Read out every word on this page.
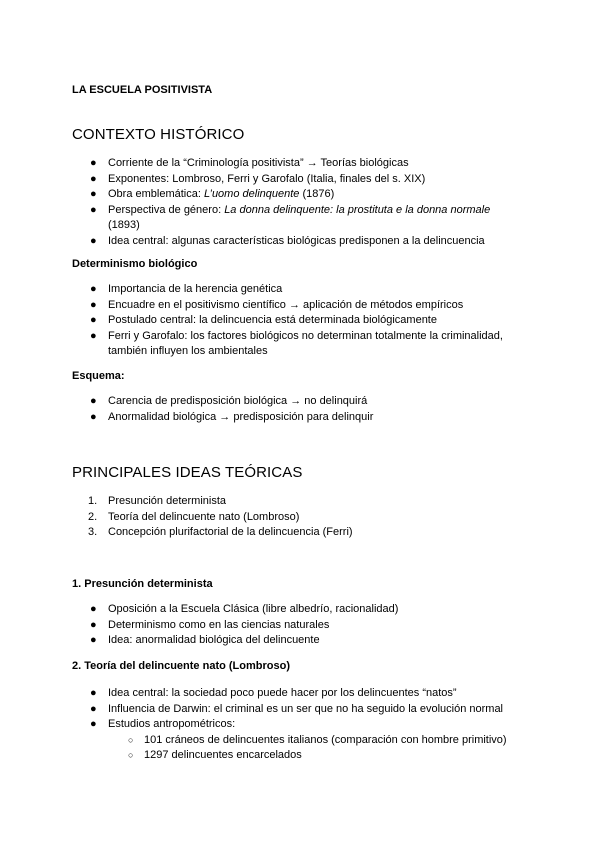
LA ESCUELA POSITIVISTA
CONTEXTO HISTÓRICO
● Corriente de la “Criminología positivista” → Teorías biológicas
● Exponentes: Lombroso, Ferri y Garofalo (Italia, finales del s. XIX)
● Obra emblemática: L’uomo delinquente (1876)
● Perspectiva de género: La donna delinquente: la prostituta e la donna normale
(1893)
● Idea central: algunas características biológicas predisponen a la delincuencia
Determinismo biológico
● Importancia de la herencia genética
● Encuadre en el positivismo científico → aplicación de métodos empíricos
● Postulado central: la delincuencia está determinada biológicamente
● Ferri y Garofalo: los factores biológicos no determinan totalmente la criminalidad, también influyen los ambientales
Esquema:
● Carencia de predisposición biológica → no delinquirá
● Anormalidad biológica → predisposición para delinquir
PRINCIPALES IDEAS TEÓRICAS
1. Presunción determinista
2. Teoría del delincuente nato (Lombroso)
3. Concepción plurifactorial de la delincuencia (Ferri)
1. Presunción determinista
● Oposición a la Escuela Clásica (libre albedrío, racionalidad)
● Determinismo como en las ciencias naturales
● Idea: anormalidad biológica del delincuente
2. Teoría del delincuente nato (Lombroso)
● Idea central: la sociedad poco puede hacer por los delincuentes “natos”
● Influencia de Darwin: el criminal es un ser que no ha seguido la evolución normal
● Estudios antropométricos:
○ 101 cráneos de delincuentes italianos (comparación con hombre primitivo)
○ 1297 delincuentes encarcelados
